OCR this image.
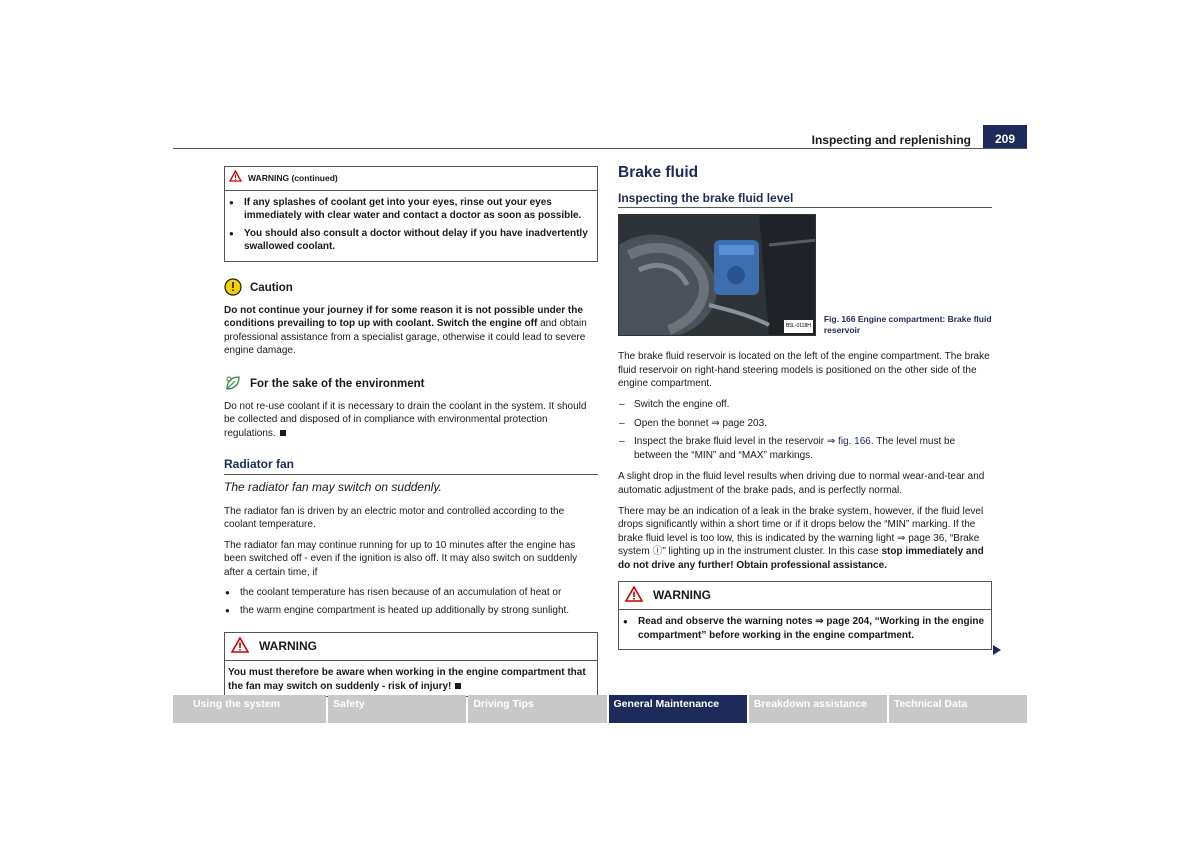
Inspecting and replenishing	209
WARNING (continued)
● If any splashes of coolant get into your eyes, rinse out your eyes immediately with clear water and contact a doctor as soon as possible.
● You should also consult a doctor without delay if you have inadvertently swallowed coolant.
Caution

Do not continue your journey if for some reason it is not possible under the conditions prevailing to top up with coolant. Switch the engine off and obtain professional assistance from a specialist garage, otherwise it could lead to severe engine damage.

For the sake of the environment

Do not re-use coolant if it is necessary to drain the coolant in the system. It should be collected and disposed of in compliance with environmental protection regulations.

Radiator fan
The radiator fan may switch on suddenly.

The radiator fan is driven by an electric motor and controlled according to the coolant temperature.

The radiator fan may continue running for up to 10 minutes after the engine has been switched off - even if the ignition is also off. It may also switch on suddenly after a certain time, if

● the coolant temperature has risen because of an accumulation of heat or
● the warm engine compartment is heated up additionally by strong sunlight.
WARNING
You must therefore be aware when working in the engine compartment that the fan may switch on suddenly - risk of injury!
Brake fluid
Inspecting the brake fluid level
B5L-0118H
Fig. 166 Engine compartment: Brake fluid reservoir

The brake fluid reservoir is located on the left of the engine compartment. The brake fluid reservoir on right-hand steering models is positioned on the other side of the engine compartment.

– Switch the engine off.
– Open the bonnet ⇒ page 203.
– Inspect the brake fluid level in the reservoir ⇒ fig. 166. The level must be between the “MIN” and “MAX” markings.

A slight drop in the fluid level results when driving due to normal wear-and-tear and automatic adjustment of the brake pads, and is perfectly normal.

There may be an indication of a leak in the brake system, however, if the fluid level drops significantly within a short time or if it drops below the “MIN” marking. If the brake fluid level is too low, this is indicated by the warning light ⇒ page 36, “Brake system ⓘ” lighting up in the instrument cluster. In this case stop immediately and do not drive any further! Obtain professional assistance.

WARNING
● Read and observe the warning notes ⇒ page 204, “Working in the engine compartment” before working in the engine compartment.
Using the system	Safety	Driving Tips	General Maintenance	Breakdown assistance	Technical Data
